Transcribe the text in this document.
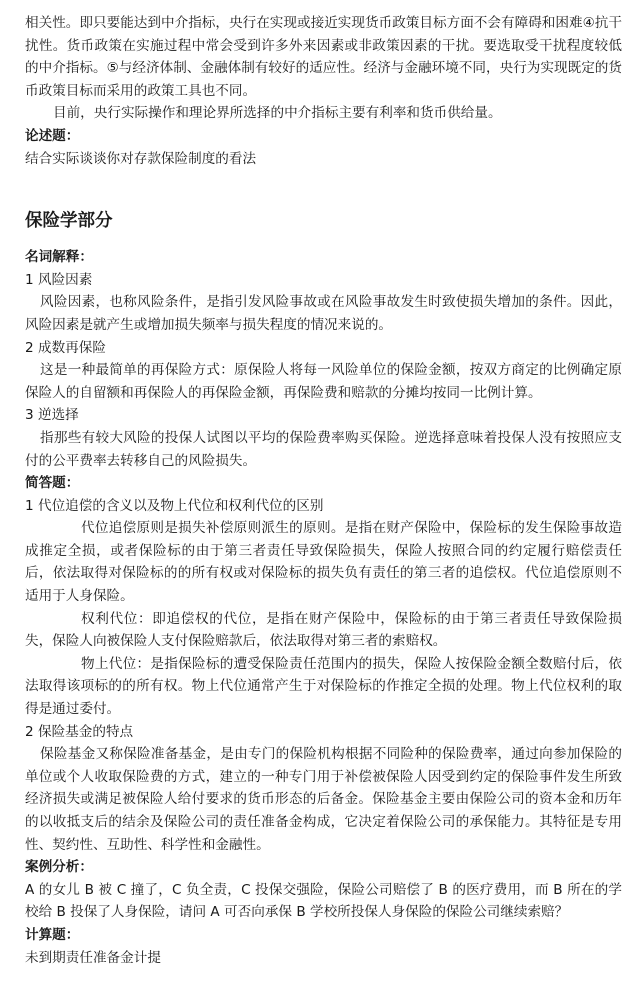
相关性。即只要能达到中介指标，央行在实现或接近实现货币政策目标方面不会有障碍和困难④抗干扰性。货币政策在实施过程中常会受到许多外来因素或非政策因素的干扰。要选取受干扰程度较低的中介指标。⑤与经济体制、金融体制有较好的适应性。经济与金融环境不同，央行为实现既定的货币政策目标而采用的政策工具也不同。

目前，央行实际操作和理论界所选择的中介指标主要有利率和货币供给量。

论述题：

结合实际谈谈你对存款保险制度的看法

保险学部分

名词解释：

1 风险因素

风险因素，也称风险条件，是指引发风险事故或在风险事故发生时致使损失增加的条件。因此，风险因素是就产生或增加损失频率与损失程度的情况来说的。

2 成数再保险

这是一种最简单的再保险方式：原保险人将每一风险单位的保险金额，按双方商定的比例确定原保险人的自留额和再保险人的再保险金额，再保险费和赔款的分摊均按同一比例计算。

3 逆选择

指那些有较大风险的投保人试图以平均的保险费率购买保险。逆选择意味着投保人没有按照应支付的公平费率去转移自己的风险损失。

简答题：

1 代位追偿的含义以及物上代位和权利代位的区别

代位追偿原则是损失补偿原则派生的原则。是指在财产保险中，保险标的发生保险事故造成推定全损，或者保险标的由于第三者责任导致保险损失，保险人按照合同的约定履行赔偿责任后，依法取得对保险标的的所有权或对保险标的损失负有责任的第三者的追偿权。代位追偿原则不适用于人身保险。

权利代位：即追偿权的代位，是指在财产保险中，保险标的由于第三者责任导致保险损失，保险人向被保险人支付保险赔款后，依法取得对第三者的索赔权。

物上代位：是指保险标的遭受保险责任范围内的损失，保险人按保险金额全数赔付后，依法取得该项标的的所有权。物上代位通常产生于对保险标的作推定全损的处理。物上代位权利的取得是通过委付。

2 保险基金的特点

保险基金又称保险准备基金，是由专门的保险机构根据不同险种的保险费率，通过向参加保险的单位或个人收取保险费的方式，建立的一种专门用于补偿被保险人因受到约定的保险事件发生所致经济损失或满足被保险人给付要求的货币形态的后备金。保险基金主要由保险公司的资本金和历年的以收抵支后的结余及保险公司的责任准备金构成，它决定着保险公司的承保能力。其特征是专用性、契约性、互助性、科学性和金融性。

案例分析：

A 的女儿 B 被 C 撞了，C 负全责，C 投保交强险，保险公司赔偿了 B 的医疗费用，而 B 所在的学校给 B 投保了人身保险，请问 A 可否向承保 B 学校所投保人身保险的保险公司继续索赔？

计算题：

未到期责任准备金计提
